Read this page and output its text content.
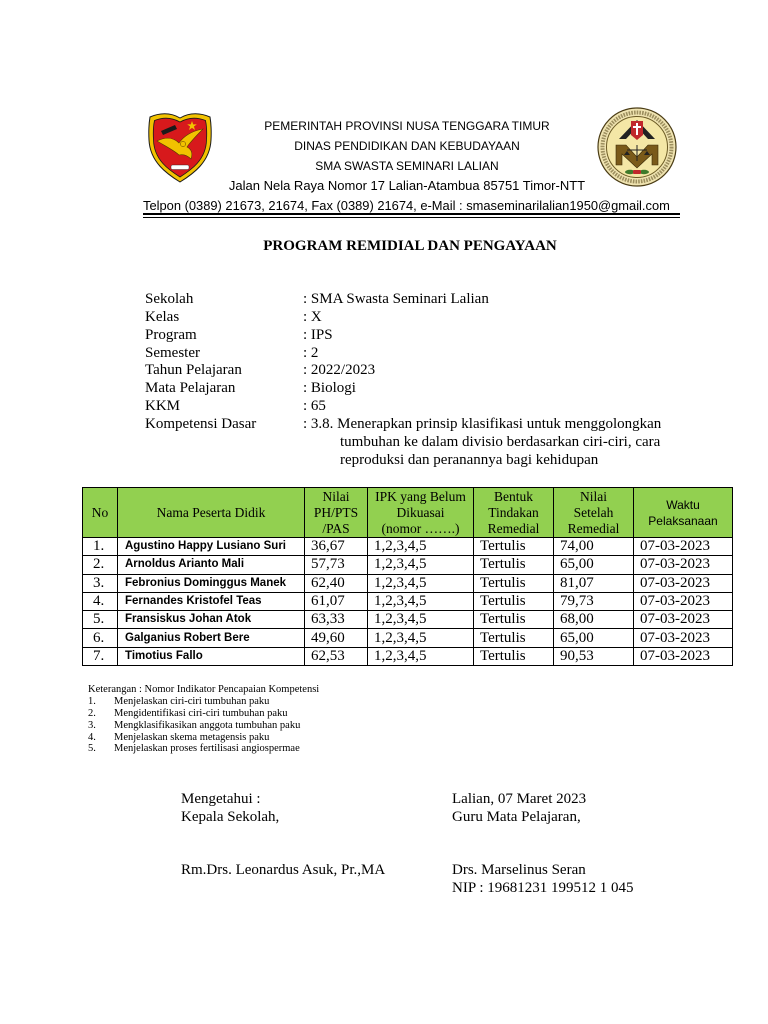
PEMERINTAH PROVINSI NUSA TENGGARA TIMUR
DINAS PENDIDIKAN DAN KEBUDAYAAN
SMA SWASTA SEMINARI LALIAN
Jalan Nela Raya Nomor 17 Lalian-Atambua 85751 Timor-NTT
Telpon (0389) 21673, 21674, Fax (0389) 21674, e-Mail : smaseminarilalian1950@gmail.com
PROGRAM REMIDIAL DAN PENGAYAAN
Sekolah	: SMA Swasta Seminari Lalian
Kelas	: X
Program	: IPS
Semester	: 2
Tahun Pelajaran	: 2022/2023
Mata Pelajaran	: Biologi
KKM	: 65
Kompetensi Dasar	: 3.8. Menerapkan prinsip klasifikasi untuk menggolongkan
tumbuhan ke dalam divisio berdasarkan ciri-ciri, cara
reproduksi dan peranannya bagi kehidupan
No	Nama Peserta Didik	Nilai
PH/PTS
/PAS	IPK yang Belum
Dikuasai
(nomor …….)	Bentuk
Tindakan
Remedial	Nilai
Setelah
Remedial	Waktu
Pelaksanaan

1.	Agustino Happy Lusiano Suri	36,67	1,2,3,4,5	Tertulis	74,00	07-03-2023
2.	Arnoldus Arianto Mali	57,73	1,2,3,4,5	Tertulis	65,00	07-03-2023
3.	Febronius Dominggus Manek	62,40	1,2,3,4,5	Tertulis	81,07	07-03-2023
4.	Fernandes Kristofel Teas	61,07	1,2,3,4,5	Tertulis	79,73	07-03-2023
5.	Fransiskus Johan Atok	63,33	1,2,3,4,5	Tertulis	68,00	07-03-2023
6.	Galganius Robert Bere	49,60	1,2,3,4,5	Tertulis	65,00	07-03-2023
7.	Timotius Fallo	62,53	1,2,3,4,5	Tertulis	90,53	07-03-2023
Keterangan : Nomor Indikator Pencapaian Kompetensi
1. Menjelaskan ciri-ciri tumbuhan paku
2. Mengidentifikasi ciri-ciri tumbuhan paku
3. Mengklasifikasikan anggota tumbuhan paku
4. Menjelaskan skema metagensis paku
5. Menjelaskan proses fertilisasi angiospermae
Mengetahui :
Kepala Sekolah,
Rm.Drs. Leonardus Asuk, Pr.,MA
Lalian, 07 Maret 2023
Guru Mata Pelajaran,
Drs. Marselinus Seran
NIP : 19681231 199512 1 045
